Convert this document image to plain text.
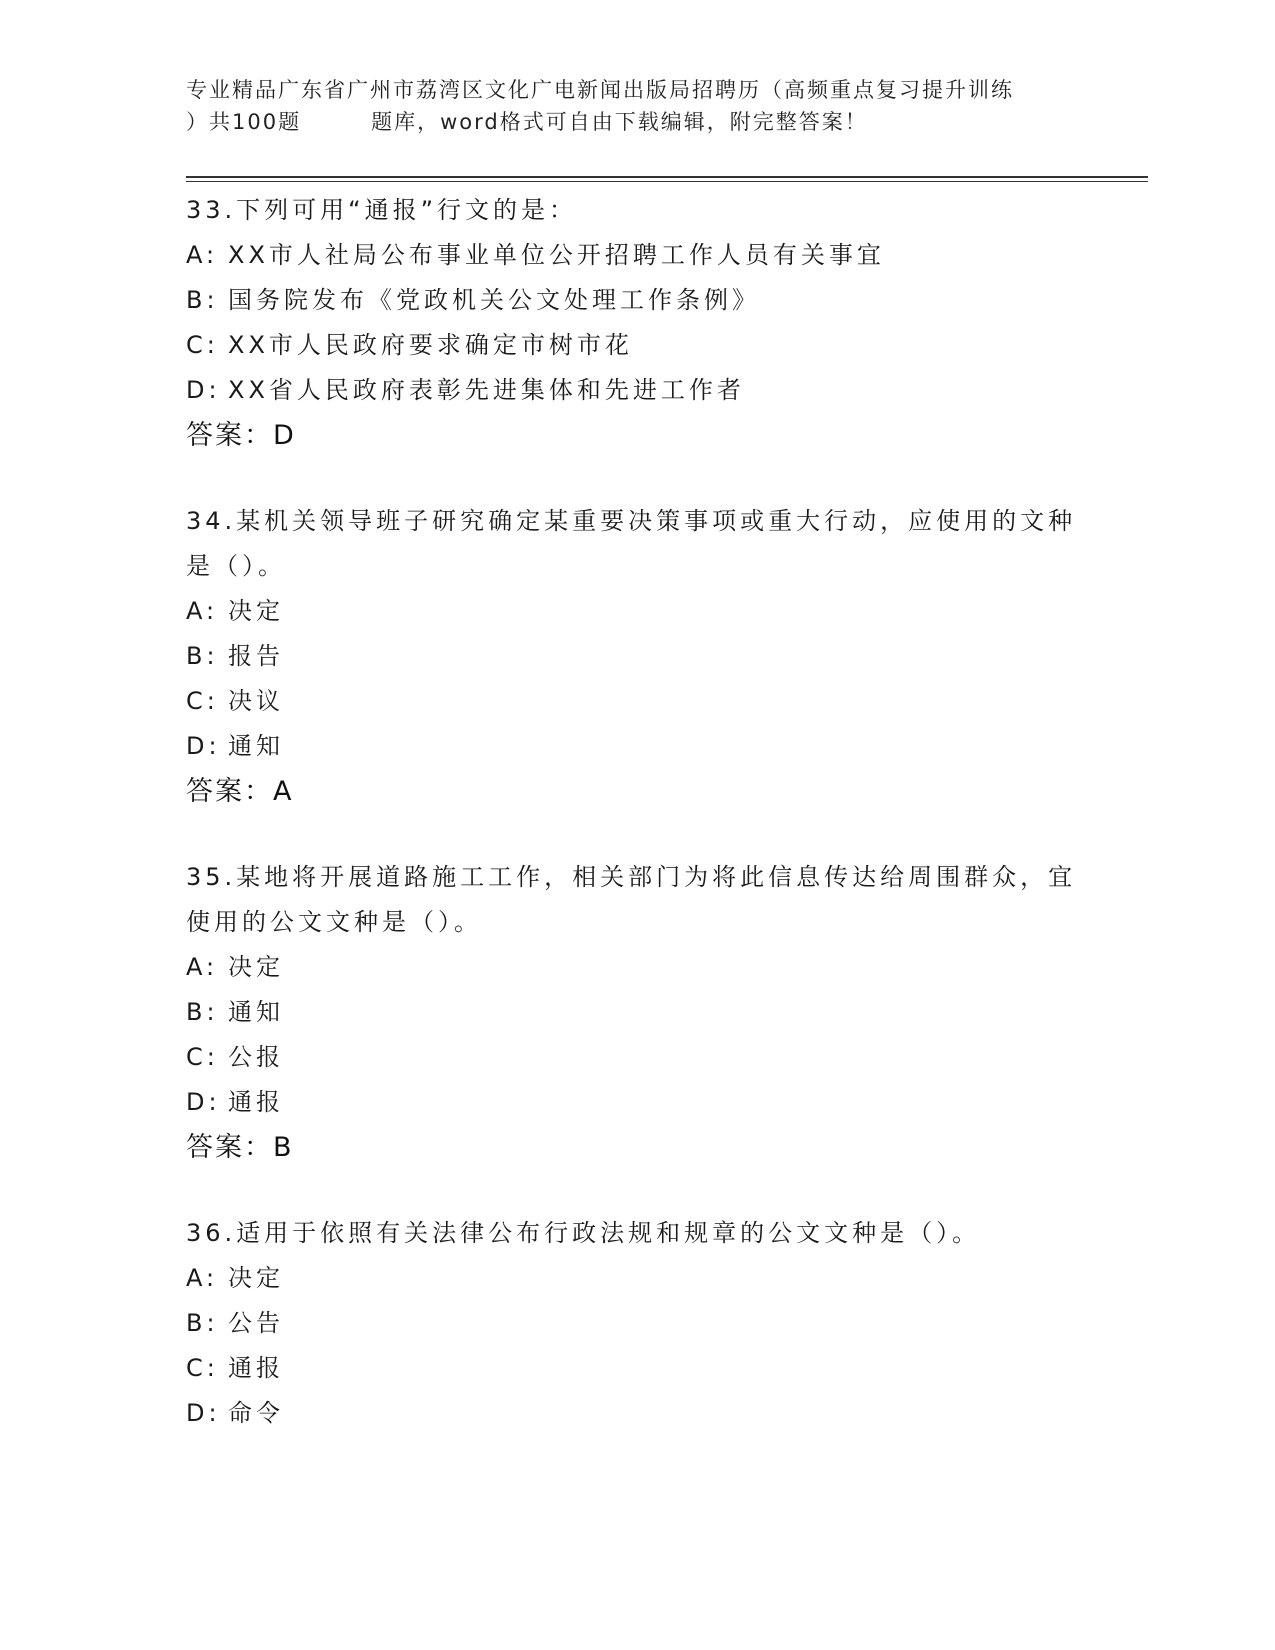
专业精品广东省广州市荔湾区文化广电新闻出版局招聘历（高频重点复习提升训练
）共100题	题库，word格式可自由下载编辑，附完整答案！

33.下列可用“通报”行文的是：

A: XX市人社局公布事业单位公开招聘工作人员有关事宜

B: 国务院发布《党政机关公文处理工作条例》

C: XX市人民政府要求确定市树市花

D: XX省人民政府表彰先进集体和先进工作者

答案：D

34.某机关领导班子研究确定某重要决策事项或重大行动，应使用的文种是（）。

A: 决定

B: 报告

C: 决议

D: 通知

答案：A

35.某地将开展道路施工工作，相关部门为将此信息传达给周围群众，宜使用的公文文种是（）。

A: 决定

B: 通知

C: 公报

D: 通报

答案：B

36.适用于依照有关法律公布行政法规和规章的公文文种是（）。

A: 决定

B: 公告

C: 通报

D: 命令
